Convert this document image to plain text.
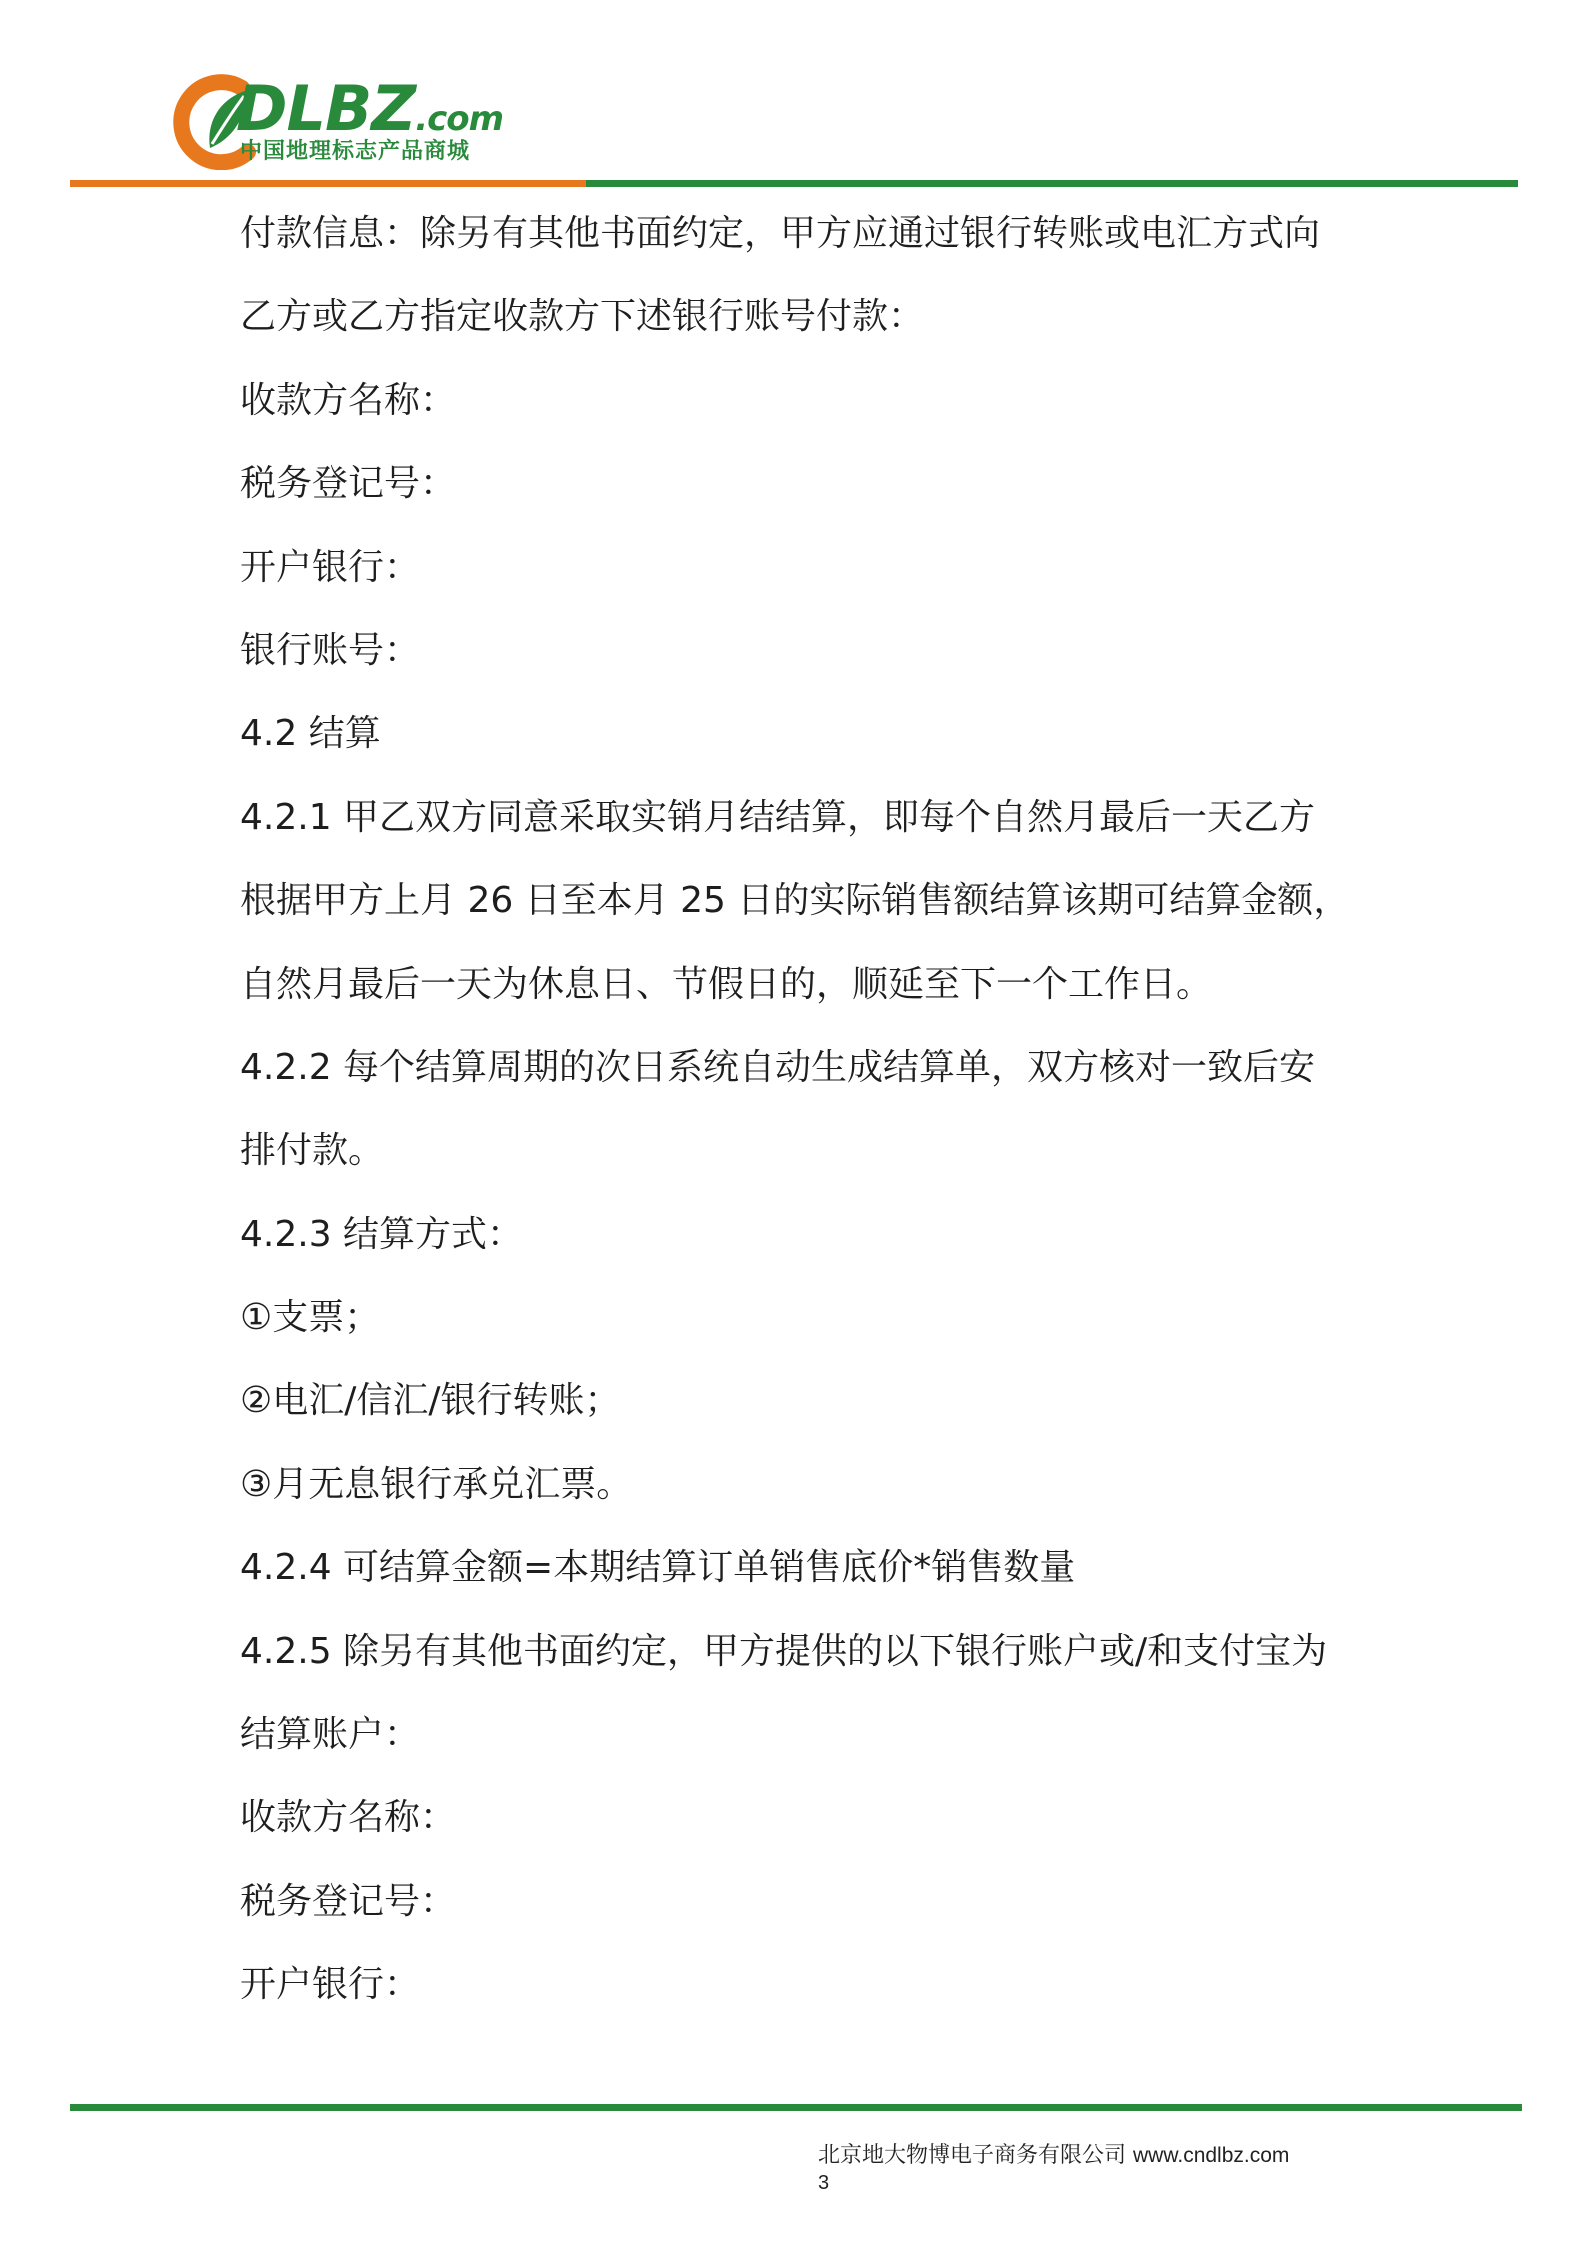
DLBZ.com
中国地理标志产品商城
付款信息：除另有其他书面约定，甲方应通过银行转账或电汇方式向
乙方或乙方指定收款方下述银行账号付款：
收款方名称：
税务登记号：
开户银行：
银行账号：
4.2 结算
4.2.1 甲乙双方同意采取实销月结结算，即每个自然月最后一天乙方
根据甲方上月 26 日至本月 25 日的实际销售额结算该期可结算金额，
自然月最后一天为休息日、节假日的，顺延至下一个工作日。
4.2.2 每个结算周期的次日系统自动生成结算单，双方核对一致后安
排付款。
4.2.3 结算方式：
①支票；
②电汇/信汇/银行转账；
③月无息银行承兑汇票。
4.2.4 可结算金额=本期结算订单销售底价*销售数量
4.2.5 除另有其他书面约定，甲方提供的以下银行账户或/和支付宝为
结算账户：
收款方名称：
税务登记号：
开户银行：
北京地大物博电子商务有限公司 www.cndlbz.com
3
